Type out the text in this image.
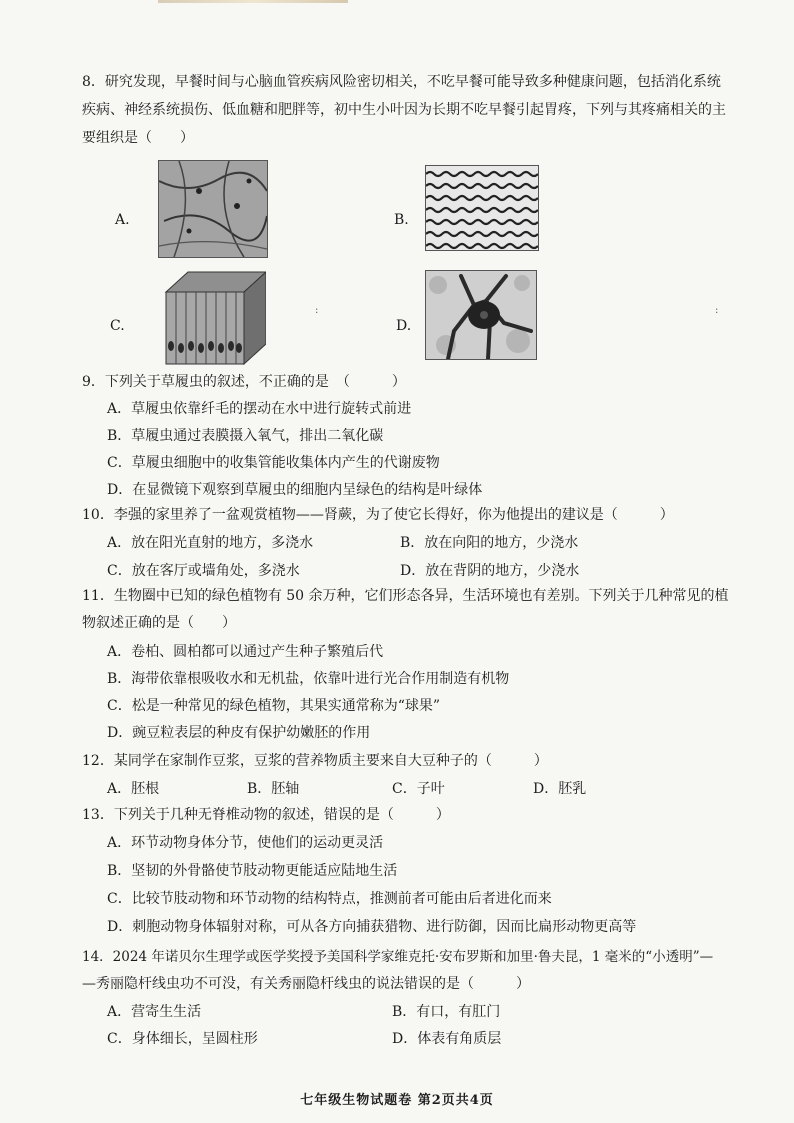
8．研究发现，早餐时间与心脑血管疾病风险密切相关，不吃早餐可能导致多种健康问题，包括消化系统
疾病、神经系统损伤、低血糖和肥胖等，初中生小叶因为长期不吃早餐引起胃疼，下列与其疼痛相关的主
要组织是（　　）
A.	B.
C.
:
D.
:
9．下列关于草履虫的叙述，不正确的是　（　　　）
A．草履虫依靠纤毛的摆动在水中进行旋转式前进
B．草履虫通过表膜摄入氧气，排出二氧化碳
C．草履虫细胞中的收集管能收集体内产生的代谢废物
D．在显微镜下观察到草履虫的细胞内呈绿色的结构是叶绿体
10．李强的家里养了一盆观赏植物——肾蕨，为了使它长得好，你为他提出的建议是（　　　）
A．放在阳光直射的地方，多浇水	B．放在向阳的地方，少浇水
C．放在客厅或墙角处，多浇水	D．放在背阴的地方，少浇水
11．生物圈中已知的绿色植物有 50 余万种，它们形态各异，生活环境也有差别。下列关于几种常见的植
物叙述正确的是（　　）
A．卷柏、圆柏都可以通过产生种子繁殖后代
B．海带依靠根吸收水和无机盐，依靠叶进行光合作用制造有机物
C．松是一种常见的绿色植物，其果实通常称为“球果”
D．豌豆粒表层的种皮有保护幼嫩胚的作用
12．某同学在家制作豆浆，豆浆的营养物质主要来自大豆种子的（　　　）
A．胚根	B．胚轴	C．子叶	D．胚乳
13．下列关于几种无脊椎动物的叙述，错误的是（　　　）
A．环节动物身体分节，使他们的运动更灵活
B．坚韧的外骨骼使节肢动物更能适应陆地生活
C．比较节肢动物和环节动物的结构特点，推测前者可能由后者进化而来
D．刺胞动物身体辐射对称，可从各方向捕获猎物、进行防御，因而比扁形动物更高等
14．2024 年诺贝尔生理学或医学奖授予美国科学家维克托·安布罗斯和加里·鲁夫昆，1 毫米的“小透明”—
—秀丽隐杆线虫功不可没，有关秀丽隐杆线虫的说法错误的是（　　　）
A．营寄生生活	B．有口，有肛门
C．身体细长，呈圆柱形	D．体表有角质层
七年级生物试题卷 第2页共4页
